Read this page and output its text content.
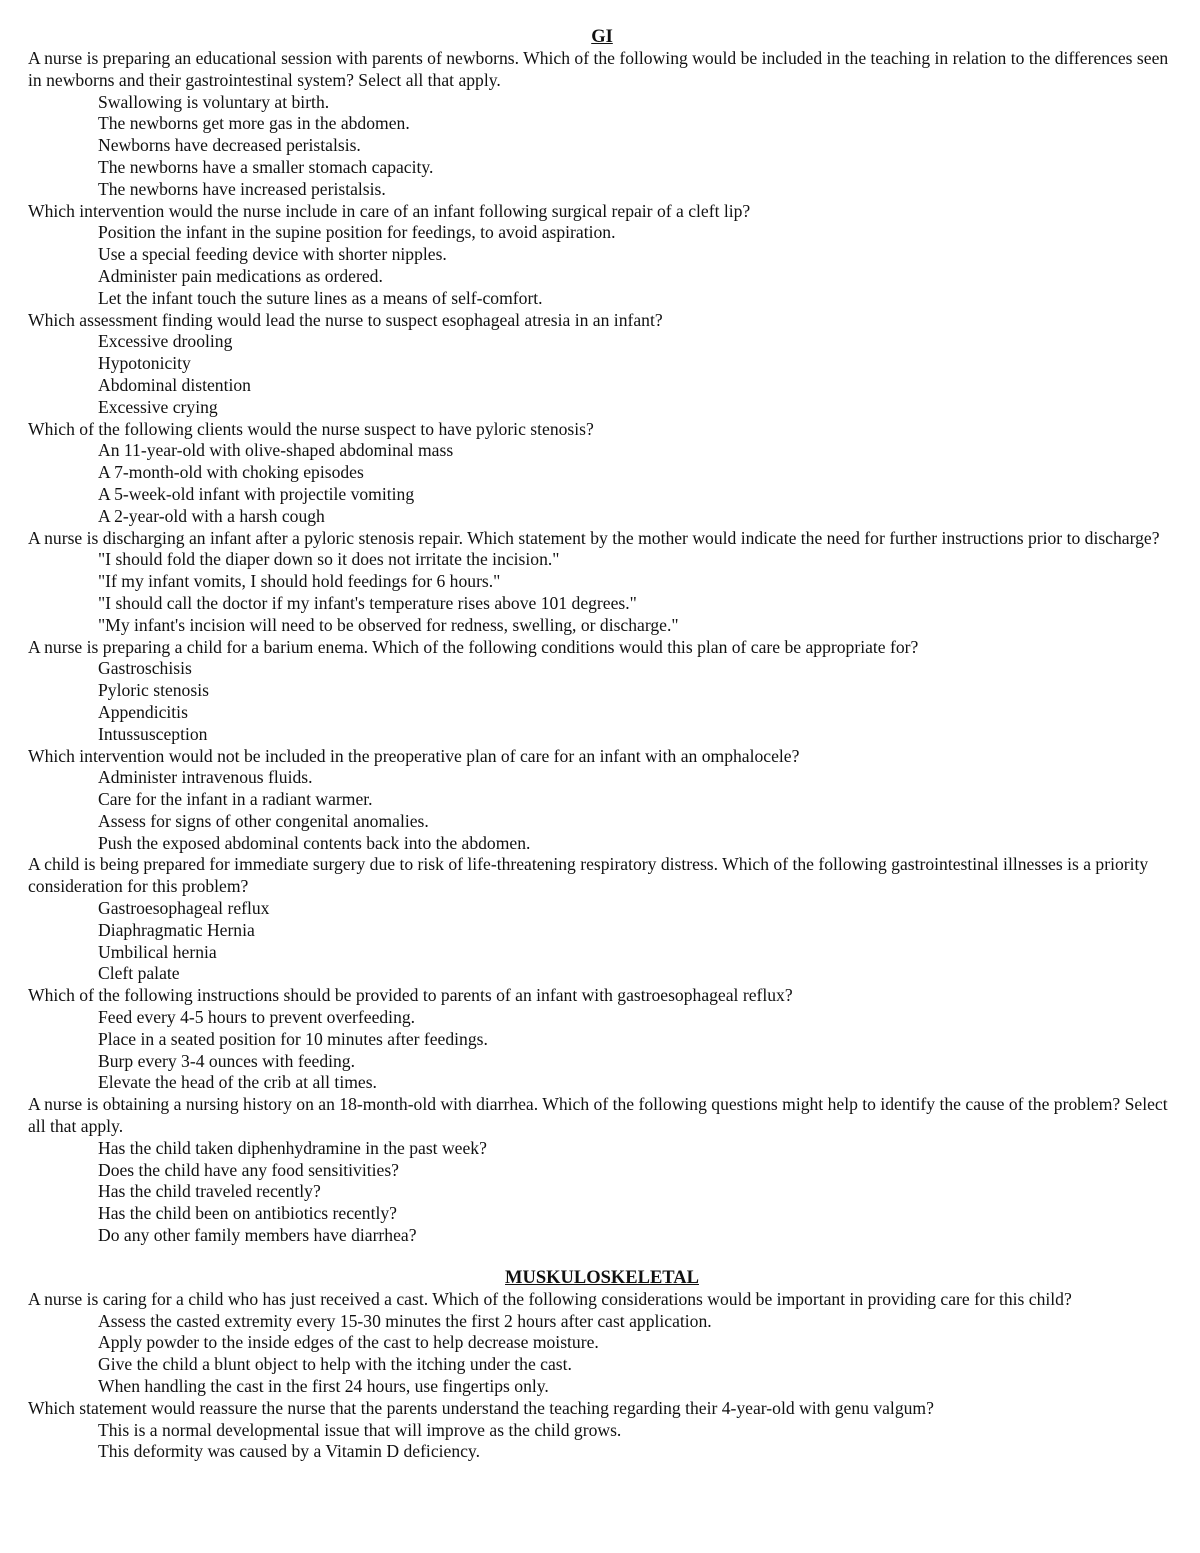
GI

A nurse is preparing an educational session with parents of newborns. Which of the following would be included in the teaching in relation to the differences seen in newborns and their gastrointestinal system? Select all that apply.

Swallowing is voluntary at birth.
The newborns get more gas in the abdomen.
Newborns have decreased peristalsis.
The newborns have a smaller stomach capacity.
The newborns have increased peristalsis.

Which intervention would the nurse include in care of an infant following surgical repair of a cleft lip?

Position the infant in the supine position for feedings, to avoid aspiration.
Use a special feeding device with shorter nipples.
Administer pain medications as ordered.
Let the infant touch the suture lines as a means of self-comfort.

Which assessment finding would lead the nurse to suspect esophageal atresia in an infant?

Excessive drooling
Hypotonicity
Abdominal distention
Excessive crying

Which of the following clients would the nurse suspect to have pyloric stenosis?

An 11-year-old with olive-shaped abdominal mass
A 7-month-old with choking episodes
A 5-week-old infant with projectile vomiting
A 2-year-old with a harsh cough

A nurse is discharging an infant after a pyloric stenosis repair. Which statement by the mother would indicate the need for further instructions prior to discharge?

"I should fold the diaper down so it does not irritate the incision."
"If my infant vomits, I should hold feedings for 6 hours."
"I should call the doctor if my infant's temperature rises above 101 degrees."
"My infant's incision will need to be observed for redness, swelling, or discharge."

A nurse is preparing a child for a barium enema. Which of the following conditions would this plan of care be appropriate for?

Gastroschisis
Pyloric stenosis
Appendicitis
Intussusception

Which intervention would not be included in the preoperative plan of care for an infant with an omphalocele?

Administer intravenous fluids.
Care for the infant in a radiant warmer.
Assess for signs of other congenital anomalies.
Push the exposed abdominal contents back into the abdomen.

A child is being prepared for immediate surgery due to risk of life-threatening respiratory distress. Which of the following gastrointestinal illnesses is a priority consideration for this problem?

Gastroesophageal reflux
Diaphragmatic Hernia
Umbilical hernia
Cleft palate

Which of the following instructions should be provided to parents of an infant with gastroesophageal reflux?

Feed every 4-5 hours to prevent overfeeding.
Place in a seated position for 10 minutes after feedings.
Burp every 3-4 ounces with feeding.
Elevate the head of the crib at all times.

A nurse is obtaining a nursing history on an 18-month-old with diarrhea. Which of the following questions might help to identify the cause of the problem? Select all that apply.

Has the child taken diphenhydramine in the past week?
Does the child have any food sensitivities?
Has the child traveled recently?
Has the child been on antibiotics recently?
Do any other family members have diarrhea?
MUSKULOSKELETAL

A nurse is caring for a child who has just received a cast. Which of the following considerations would be important in providing care for this child?

Assess the casted extremity every 15-30 minutes the first 2 hours after cast application.
Apply powder to the inside edges of the cast to help decrease moisture.
Give the child a blunt object to help with the itching under the cast.
When handling the cast in the first 24 hours, use fingertips only.

Which statement would reassure the nurse that the parents understand the teaching regarding their 4-year-old with genu valgum?

This is a normal developmental issue that will improve as the child grows.
This deformity was caused by a Vitamin D deficiency.
